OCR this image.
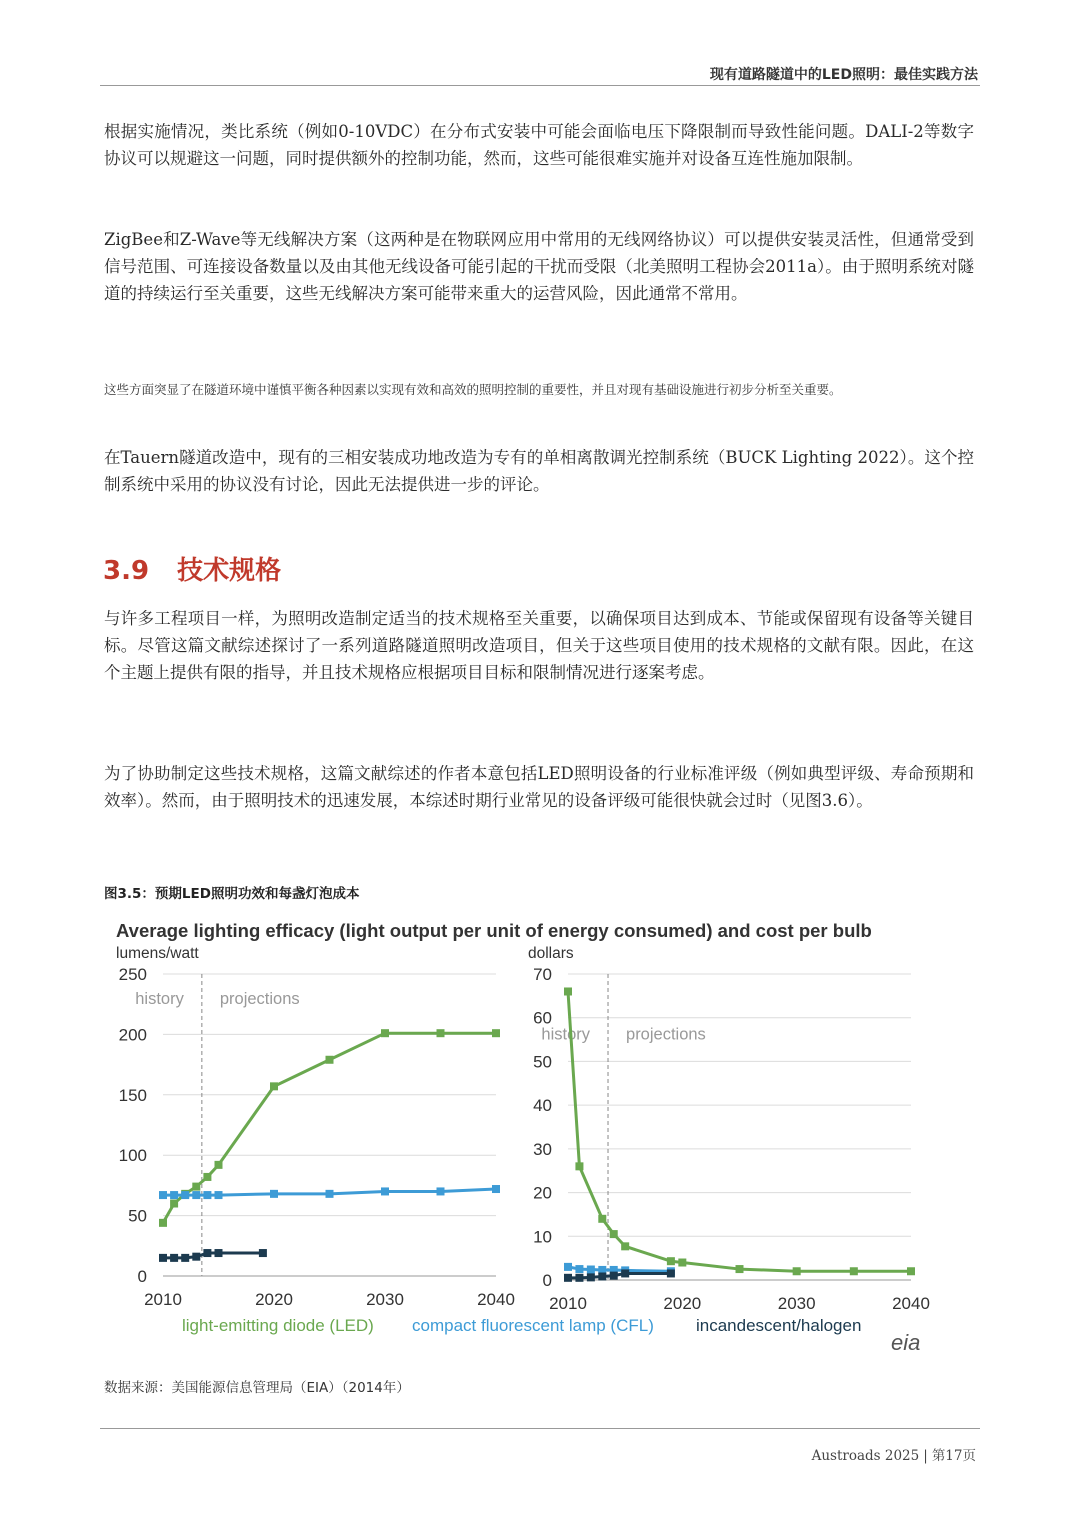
现有道路隧道中的LED照明：最佳实践方法

根据实施情况，类比系统（例如0-10VDC）在分布式安装中可能会面临电压下降限制而导致性能问题。DALI-2等数字协议可以规避这一问题，同时提供额外的控制功能，然而，这些可能很难实施并对设备互连性施加限制。

ZigBee和Z-Wave等无线解决方案（这两种是在物联网应用中常用的无线网络协议）可以提供安装灵活性，但通常受到信号范围、可连接设备数量以及由其他无线设备可能引起的干扰而受限（北美照明工程协会2011a）。由于照明系统对隧道的持续运行至关重要，这些无线解决方案可能带来重大的运营风险，因此通常不常用。

这些方面突显了在隧道环境中谨慎平衡各种因素以实现有效和高效的照明控制的重要性，并且对现有基础设施进行初步分析至关重要。

在Tauern隧道改造中，现有的三相安装成功地改造为专有的单相离散调光控制系统（BUCK Lighting 2022）。这个控制系统中采用的协议没有讨论，因此无法提供进一步的评论。

3.9 技术规格

与许多工程项目一样，为照明改造制定适当的技术规格至关重要，以确保项目达到成本、节能或保留现有设备等关键目标。尽管这篇文献综述探讨了一系列道路隧道照明改造项目，但关于这些项目使用的技术规格的文献有限。因此，在这个主题上提供有限的指导，并且技术规格应根据项目目标和限制情况进行逐案考虑。

为了协助制定这些技术规格，这篇文献综述的作者本意包括LED照明设备的行业标准评级（例如典型评级、寿命预期和效率）。然而，由于照明技术的迅速发展，本综述时期行业常见的设备评级可能很快就会过时（见图3.6）。

图3.5：预期LED照明功效和每盏灯泡成本
Average lighting efficacy (light output per unit of energy consumed) and cost per bulb
lumens/watt
0
50
100
150
200
250
2010	2020	2030	2040
history projections
dollars
0
10
20
30
40
50
60
70
2010	2020	2030	2040
history projections
light-emitting diode (LED) compact fluorescent lamp (CFL) incandescent/halogen
eia
数据来源：美国能源信息管理局（EIA）（2014年）
Austroads 2025 | 第17页
